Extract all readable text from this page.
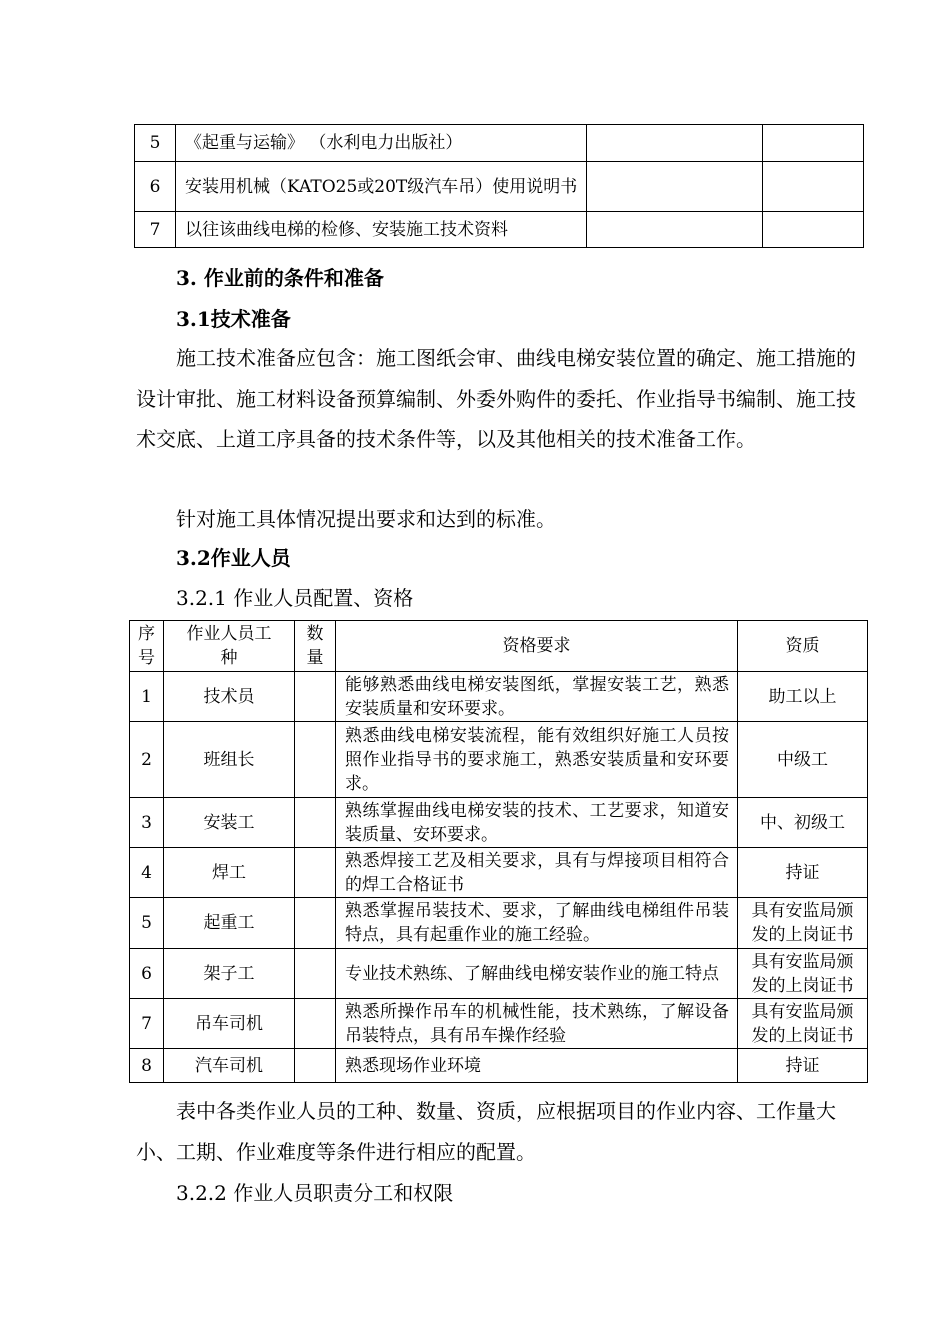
5	《起重与运输》 （水利电力出版社）		
6	安装用机械（KATO25或20T级汽车吊）使用说明书		
7	以往该曲线电梯的检修、安装施工技术资料		
3. 作业前的条件和准备
3.1技术准备
施工技术准备应包含：施工图纸会审、曲线电梯安装位置的确定、施工措施的设计审批、施工材料设备预算编制、外委外购件的委托、作业指导书编制、施工技术交底、上道工序具备的技术条件等，以及其他相关的技术准备工作。
针对施工具体情况提出要求和达到的标准。
3.2作业人员
3.2.1 作业人员配置、资格
序号	作业人员工种	数量	资格要求	资质
1	技术员		能够熟悉曲线电梯安装图纸，掌握安装工艺，熟悉安装质量和安环要求。	助工以上
2	班组长		熟悉曲线电梯安装流程，能有效组织好施工人员按照作业指导书的要求施工，熟悉安装质量和安环要求。	中级工
3	安装工		熟练掌握曲线电梯安装的技术、工艺要求，知道安装质量、安环要求。	中、初级工
4	焊工		熟悉焊接工艺及相关要求，具有与焊接项目相符合的焊工合格证书	持证
5	起重工		熟悉掌握吊装技术、要求，了解曲线电梯组件吊装特点，具有起重作业的施工经验。	具有安监局颁发的上岗证书
6	架子工		专业技术熟练、了解曲线电梯安装作业的施工特点	具有安监局颁发的上岗证书
7	吊车司机		熟悉所操作吊车的机械性能，技术熟练，了解设备吊装特点，具有吊车操作经验	具有安监局颁发的上岗证书
8	汽车司机		熟悉现场作业环境	持证
表中各类作业人员的工种、数量、资质，应根据项目的作业内容、工作量大小、工期、作业难度等条件进行相应的配置。
3.2.2 作业人员职责分工和权限
